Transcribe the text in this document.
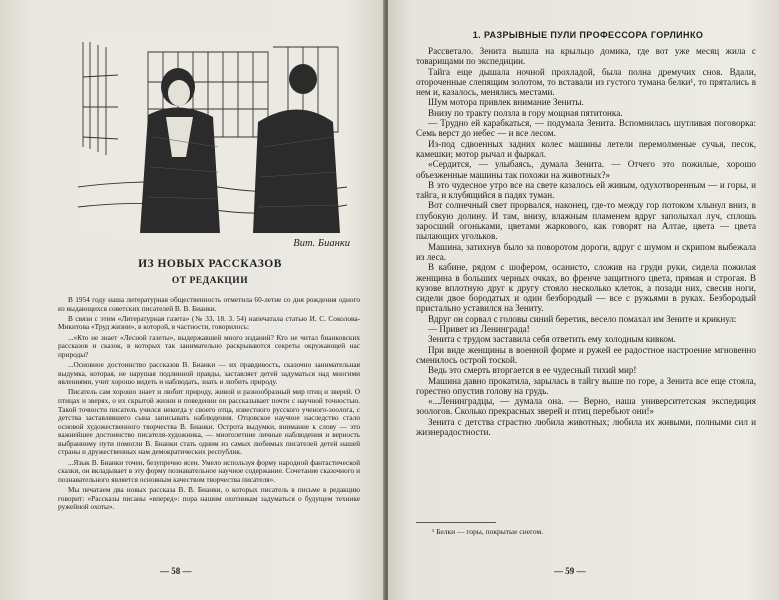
Вит. Бианки
ИЗ НОВЫХ РАССКАЗОВ
ОТ РЕДАКЦИИ

В 1954 году наша литературная общественность отметила 60-летие со дня рождения одного из выдающихся советских писателей В. В. Бианки.

В связи с этим «Литературная газета» (№ 33, 18. 3. 54) напечатала статью И. С. Соколова-Микитова «Труд жизни», в которой, в частности, говорилось:

...«Кто не знает «Лесной газеты», выдержавшей много изданий? Кто не читал бианковских рассказов и сказок, в которых так занимательно раскрываются секреты окружающей нас природы?

...Основное достоинство рассказов В. Бианки — их правдивость, сказочно занимательная выдумка, которая, не нарушая подлинной правды, заставляет детей задуматься над многими явлениями, учит хорошо видеть и наблюдать, знать и любить природу.

Писатель сам хорошо знает и любит природу, живой и разнообразный мир птиц и зверей. О птицах и зверях, о их скрытой жизни и поведении он рассказывает почти с научной точностью. Такой точности писатель учился некогда у своего отца, известного русского ученого-зоолога, с детства заставлявшего сына записывать наблюдения. Отцовское научное наследство стало основой художественного творчества В. Бианки. Острота выдумки, внимание к слову — это важнейшее достоинство писателя-художника, — многолетние личные наблюдения и верность выбранному пути помогли В. Бианки стать одним из самых любимых писателей детей нашей страны и дружественных нам демократических республик.

...Язык В. Бианки точен, безупречно ясен. Умело используя форму народной фантастической сказки, он вкладывает в эту форму познавательное научное содержание. Сочетание сказочного и познавательного является основным качеством творчества писателя».

Мы печатаем два новых рассказа В. В. Бианки, о которых писатель в письме в редакцию говорит: «Рассказы писаны «вперед»: пора нашим охотникам задуматься о будущем технике ружейной охоты».

— 58 —
1. РАЗРЫВНЫЕ ПУЛИ ПРОФЕССОРА ГОРЛИНКО

Рассветало. Зенита вышла на крыльцо домика, где вот уже месяц жила с товарищами по экспедиции.

Тайга еще дышала ночной прохладой, была полна дремучих снов. Вдали, отороченные слепящим золотом, то вставали из густого тумана белки¹, то прятались в нем и, казалось, менялись местами.

Шум мотора привлек внимание Зениты.

Внизу по тракту ползла в гору мощная пятитонка.

— Трудно ей карабкаться, — подумала Зенита. Вспомнилась шутливая поговорка: Семь верст до небес — и все лесом.

Из-под сдвоенных задних колес машины летели перемолменые сучья, песок, камешки; мотор рычал и фыркал.

«Сердится, — улыбаясь, думала Зенита. — Отчего это пожилые, хорошо объезженные машины так похожи на животных?»

В это чудесное утро все на свете казалось ей живым, одухотворенным — и горы, и тайга, и клубящийся в падях туман.

Вот солнечный свет прорвался, наконец, где-то между гор потоком хлынул вниз, в глубокую долину. И там, внизу, влажным пламенем вдруг заполыхал луч, сплошь заросший огоньками, цветами жаркового, как говорят на Алтае, цвета — цвета пылающих угольков.

Машина, затихнув было за поворотом дороги, вдруг с шумом и скрипом выбежала из леса.

В кабине, рядом с шофером, осанисто, сложив на груди руки, сидела пожилая женщина в больших черных очках, во френче защитного цвета, прямая и строгая. В кузове вплотную друг к другу стояло несколько клеток, а позади них, свесив ноги, сидели двое бородатых и один безбородый — все с ружьями в руках. Безбородый пристально уставился на Зениту.

Вдруг он сорвал с головы синий беретик, весело помахал им Зените и крикнул:

— Привет из Ленинграда!

Зенита с трудом заставила себя ответить ему холодным кивком.

При виде женщины в военной форме и ружей ее радостное настроение мгновенно сменилось острой тоской.

Ведь это смерть вторгается в ее чудесный тихий мир!

Машина давно прокатила, зарылась в тайгу выше по горе, а Зенита все еще стояла, горестно опустив голову на грудь.

«...Ленинградцы, — думала она. — Верно, наша университетская экспедиция зоологов. Сколько прекрасных зверей и птиц перебьют они!»

Зенита с детства страстно любила животных; любила их живыми, полными сил и жизнерадостности.

¹ Белки — горы, покрытые снегом.
— 59 —
